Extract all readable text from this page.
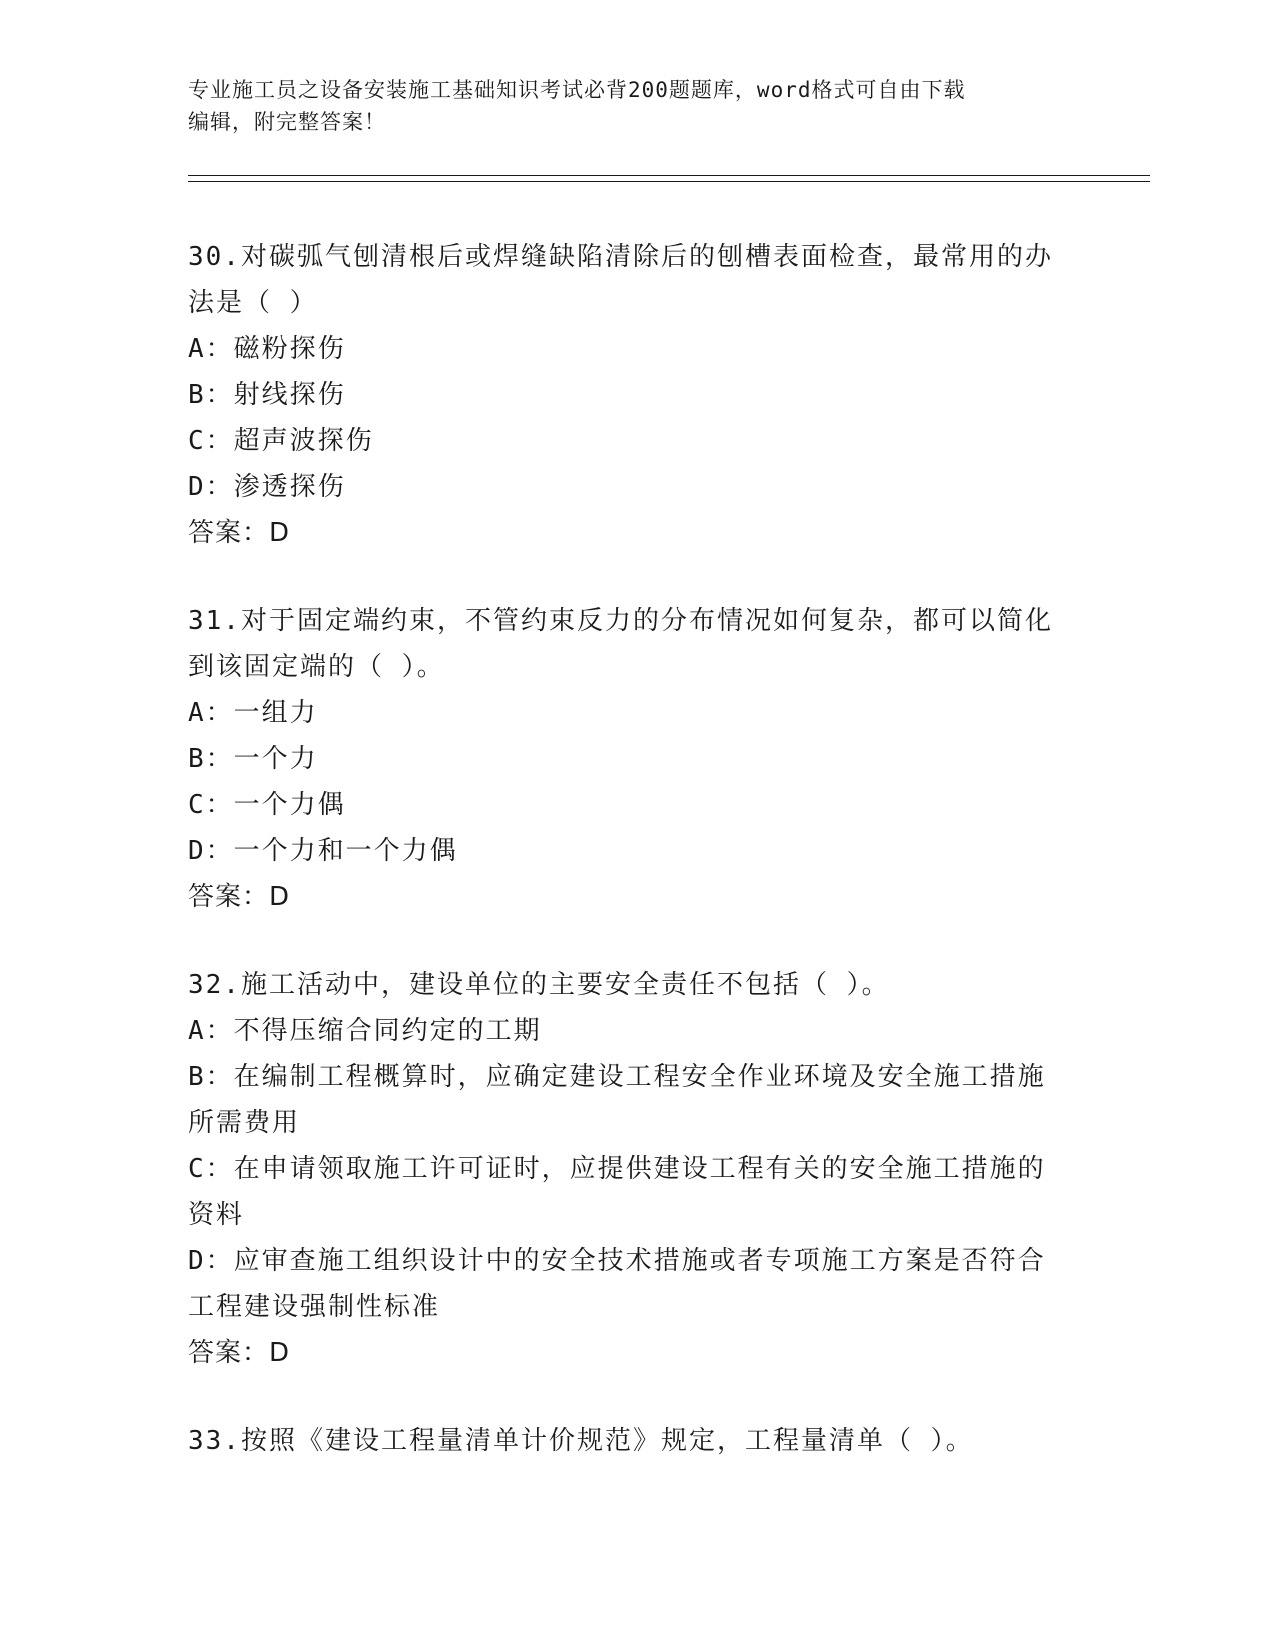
专业施工员之设备安装施工基础知识考试必背200题题库，word格式可自由下载
编辑，附完整答案！
30.对碳弧气刨清根后或焊缝缺陷清除后的刨槽表面检查，最常用的办
法是（ ）
A：磁粉探伤
B：射线探伤
C：超声波探伤
D：渗透探伤
答案：D
31.对于固定端约束，不管约束反力的分布情况如何复杂，都可以简化
到该固定端的（ ）。
A：一组力
B：一个力
C：一个力偶
D：一个力和一个力偶
答案：D
32.施工活动中，建设单位的主要安全责任不包括（ ）。
A：不得压缩合同约定的工期
B：在编制工程概算时，应确定建设工程安全作业环境及安全施工措施
所需费用
C：在申请领取施工许可证时，应提供建设工程有关的安全施工措施的
资料
D：应审查施工组织设计中的安全技术措施或者专项施工方案是否符合
工程建设强制性标准
答案：D
33.按照《建设工程量清单计价规范》规定，工程量清单（ ）。
